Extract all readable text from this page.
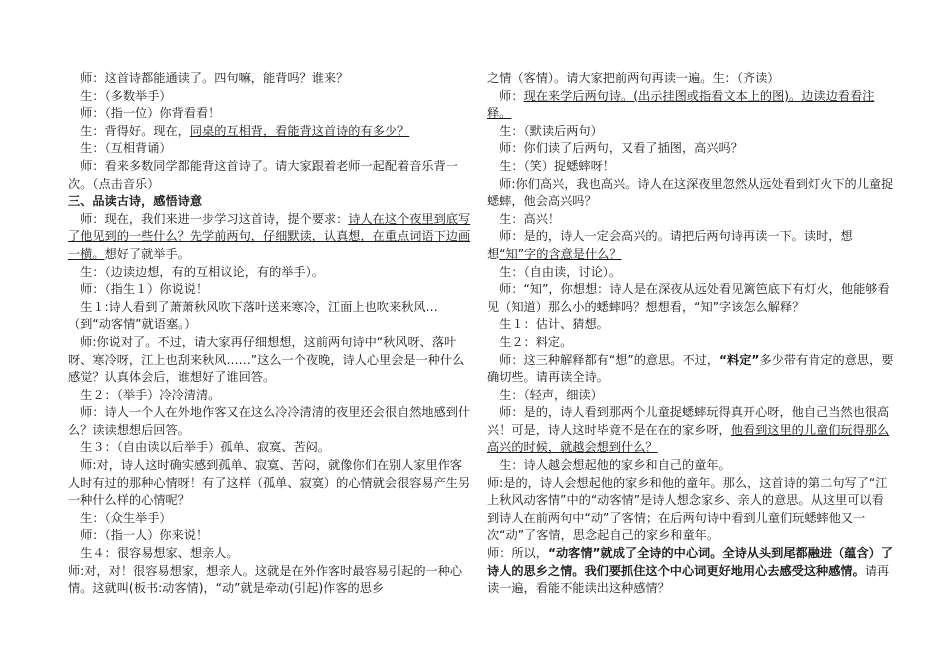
　师：这首诗都能通读了。四句嘛，能背吗？谁来？

　生：（多数举手）

　师：（指一位）你背看看！

　生：背得好。现在，同桌的互相背，看能背这首诗的有多少？

　生：（互相背诵）

　师：看来多数同学都能背这首诗了。请大家跟着老师一起配着音乐背一次。（点击音乐）

三、品读古诗，感悟诗意

　师：现在，我们来进一步学习这首诗，提个要求：诗人在这个夜里到底写了他见到的一些什么？先学前两句，仔细默读，认真想，在重点词语下边画一横。想好了就举手。

　生：（边读边想，有的互相议论，有的举手）。

　师：（指生１）你说说！

　生１:诗人看到了萧萧秋风吹下落叶送来寒冷，江面上也吹来秋风…（到“动客情”就语塞。）

　师:你说对了。不过，请大家再仔细想想，这前两句诗中“秋风呀、落叶呀、寒冷呀，江上也刮来秋风……”这么一个夜晚，诗人心里会是一种什么感觉？认真体会后，谁想好了谁回答。

　生２：（举手）冷冷清清。

　师：诗人一个人在外地作客又在这么冷冷清清的夜里还会很自然地感到什么？读读想想后回答。

　生３：（自由读以后举手）孤单、寂寞、苦闷。

　师:对，诗人这时确实感到孤单、寂寞、苦闷，就像你们在别人家里作客人时有过的那种心情呀！有了这样（孤单、寂寞）的心情就会很容易产生另一种什么样的心情呢？

　生：（众生举手）

　师：（指一人）你来说！

　生４：很容易想家、想亲人。

师:对，对！很容易想家，想亲人。这就是在外作客时最容易引起的一种心情。这就叫(板书:动客情)，“动”就是牵动(引起)作客的思乡

之情（客情）。请大家把前两句再读一遍。生：（齐读）

　师：现在来学后两句诗。(出示挂图或指看文本上的图)。边读边看看注释。

　生：（默读后两句）

　师：你们读了后两句，又看了插图，高兴吗？

　生：（笑）捉蟋蟀呀！

　师:你们高兴，我也高兴。诗人在这深夜里忽然从远处看到灯火下的儿童捉蟋蟀，他会高兴吗？

　生：高兴！

　师：是的，诗人一定会高兴的。请把后两句诗再读一下。读时，想想“知”字的含意是什么？

　生：（自由读，讨论）。

　师：“知”，你想想：诗人是在深夜从远处看见篱笆底下有灯火，他能够看见（知道）那么小的蟋蟀吗？想想看，“知”字该怎么解释？

　生１：估计、猜想。

　生２：料定。

　师：这三种解释都有“想”的意思。不过，“料定”多少带有肯定的意思，要确切些。请再读全诗。

　生：（轻声，细读）

　师：是的，诗人看到那两个儿童捉蟋蟀玩得真开心呀，他自己当然也很高兴！可是，诗人这时毕竟不是在在的家乡呀，他看到这里的儿童们玩得那么高兴的时候，就越会想到什么？

　生：诗人越会想起他的家乡和自己的童年。

师:是的，诗人会想起他的家乡和他的童年。那么，这首诗的第二句写了“江上秋风动客情”中的“动客情”是诗人想念家乡、亲人的意思。从这里可以看到诗人在前两句中“动”了客情；在后两句诗中看到儿童们玩蟋蟀他又一次“动”了客情，思念起自己的家乡和童年。

师：所以，“动客情”就成了全诗的中心词。全诗从头到尾都融进（蕴含）了诗人的思乡之情。我们要抓住这个中心词更好地用心去感受这种感情。请再读一遍，看能不能读出这种感情？
